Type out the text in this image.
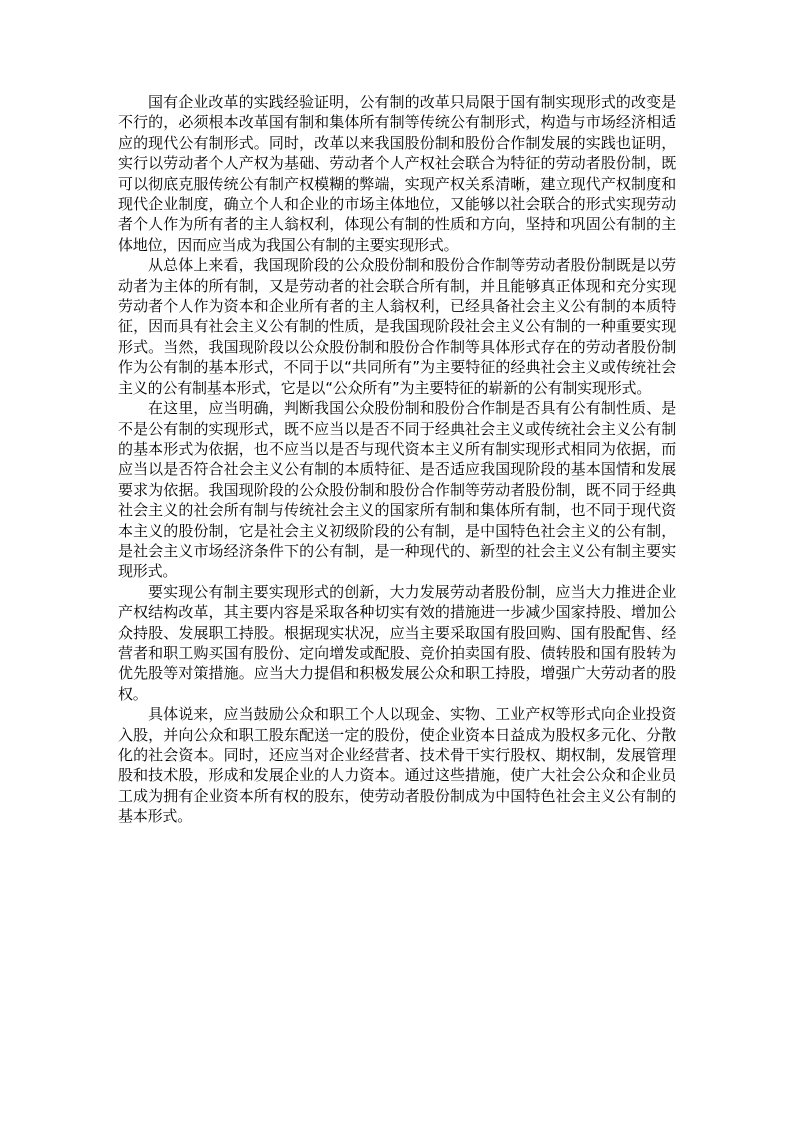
国有企业改革的实践经验证明，公有制的改革只局限于国有制实现形式的改变是不行的，必须根本改革国有制和集体所有制等传统公有制形式，构造与市场经济相适应的现代公有制形式。同时，改革以来我国股份制和股份合作制发展的实践也证明，实行以劳动者个人产权为基础、劳动者个人产权社会联合为特征的劳动者股份制，既可以彻底克服传统公有制产权模糊的弊端，实现产权关系清晰，建立现代产权制度和现代企业制度，确立个人和企业的市场主体地位，又能够以社会联合的形式实现劳动者个人作为所有者的主人翁权利，体现公有制的性质和方向，坚持和巩固公有制的主体地位，因而应当成为我国公有制的主要实现形式。

从总体上来看，我国现阶段的公众股份制和股份合作制等劳动者股份制既是以劳动者为主体的所有制，又是劳动者的社会联合所有制，并且能够真正体现和充分实现劳动者个人作为资本和企业所有者的主人翁权利，已经具备社会主义公有制的本质特征，因而具有社会主义公有制的性质，是我国现阶段社会主义公有制的一种重要实现形式。当然，我国现阶段以公众股份制和股份合作制等具体形式存在的劳动者股份制作为公有制的基本形式，不同于以“共同所有”为主要特征的经典社会主义或传统社会主义的公有制基本形式，它是以“公众所有”为主要特征的崭新的公有制实现形式。

在这里，应当明确，判断我国公众股份制和股份合作制是否具有公有制性质、是不是公有制的实现形式，既不应当以是否不同于经典社会主义或传统社会主义公有制的基本形式为依据，也不应当以是否与现代资本主义所有制实现形式相同为依据，而应当以是否符合社会主义公有制的本质特征、是否适应我国现阶段的基本国情和发展要求为依据。我国现阶段的公众股份制和股份合作制等劳动者股份制，既不同于经典社会主义的社会所有制与传统社会主义的国家所有制和集体所有制，也不同于现代资本主义的股份制，它是社会主义初级阶段的公有制，是中国特色社会主义的公有制，是社会主义市场经济条件下的公有制，是一种现代的、新型的社会主义公有制主要实现形式。

要实现公有制主要实现形式的创新，大力发展劳动者股份制，应当大力推进企业产权结构改革，其主要内容是采取各种切实有效的措施进一步减少国家持股、增加公众持股、发展职工持股。根据现实状况，应当主要采取国有股回购、国有股配售、经营者和职工购买国有股份、定向增发或配股、竞价拍卖国有股、债转股和国有股转为优先股等对策措施。应当大力提倡和积极发展公众和职工持股，增强广大劳动者的股权。

具体说来，应当鼓励公众和职工个人以现金、实物、工业产权等形式向企业投资入股，并向公众和职工股东配送一定的股份，使企业资本日益成为股权多元化、分散化的社会资本。同时，还应当对企业经营者、技术骨干实行股权、期权制，发展管理股和技术股，形成和发展企业的人力资本。通过这些措施，使广大社会公众和企业员工成为拥有企业资本所有权的股东，使劳动者股份制成为中国特色社会主义公有制的基本形式。
